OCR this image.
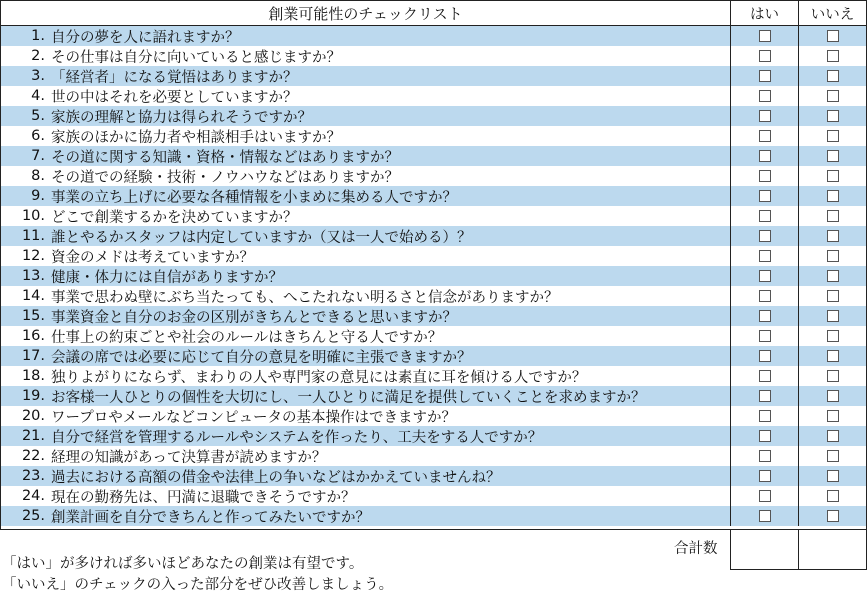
創業可能性のチェックリスト	はい いいえ
1. 自分の夢を人に語れますか？
2. その仕事は自分に向いていると感じますか？
3. 「経営者」になる覚悟はありますか？
4. 世の中はそれを必要としていますか？
5. 家族の理解と協力は得られそうですか？
6. 家族のほかに協力者や相談相手はいますか？
7. その道に関する知識・資格・情報などはありますか？
8. その道での経験・技術・ノウハウなどはありますか？
9. 事業の立ち上げに必要な各種情報を小まめに集める人ですか？
10. どこで創業するかを決めていますか？
11. 誰とやるかスタッフは内定していますか（又は一人で始める）？
12. 資金のメドは考えていますか？
13. 健康・体力には自信がありますか？
14. 事業で思わぬ壁にぶち当たっても、へこたれない明るさと信念がありますか？
15. 事業資金と自分のお金の区別がきちんとできると思いますか？
16. 仕事上の約束ごとや社会のルールはきちんと守る人ですか？
17. 会議の席では必要に応じて自分の意見を明確に主張できますか？
18. 独りよがりにならず、まわりの人や専門家の意見には素直に耳を傾ける人ですか？
19. お客様一人ひとりの個性を大切にし、一人ひとりに満足を提供していくことを求めますか？
20. ワープロやメールなどコンピュータの基本操作はできますか？
21. 自分で経営を管理するルールやシステムを作ったり、工夫をする人ですか？
22. 経理の知識があって決算書が読めますか？
23. 過去における高額の借金や法律上の争いなどはかかえていませんね？
24. 現在の勤務先は、円満に退職できそうですか？
25. 創業計画を自分できちんと作ってみたいですか？
合計数
「はい」が多ければ多いほどあなたの創業は有望です。
「いいえ」のチェックの入った部分をぜひ改善しましょう。
